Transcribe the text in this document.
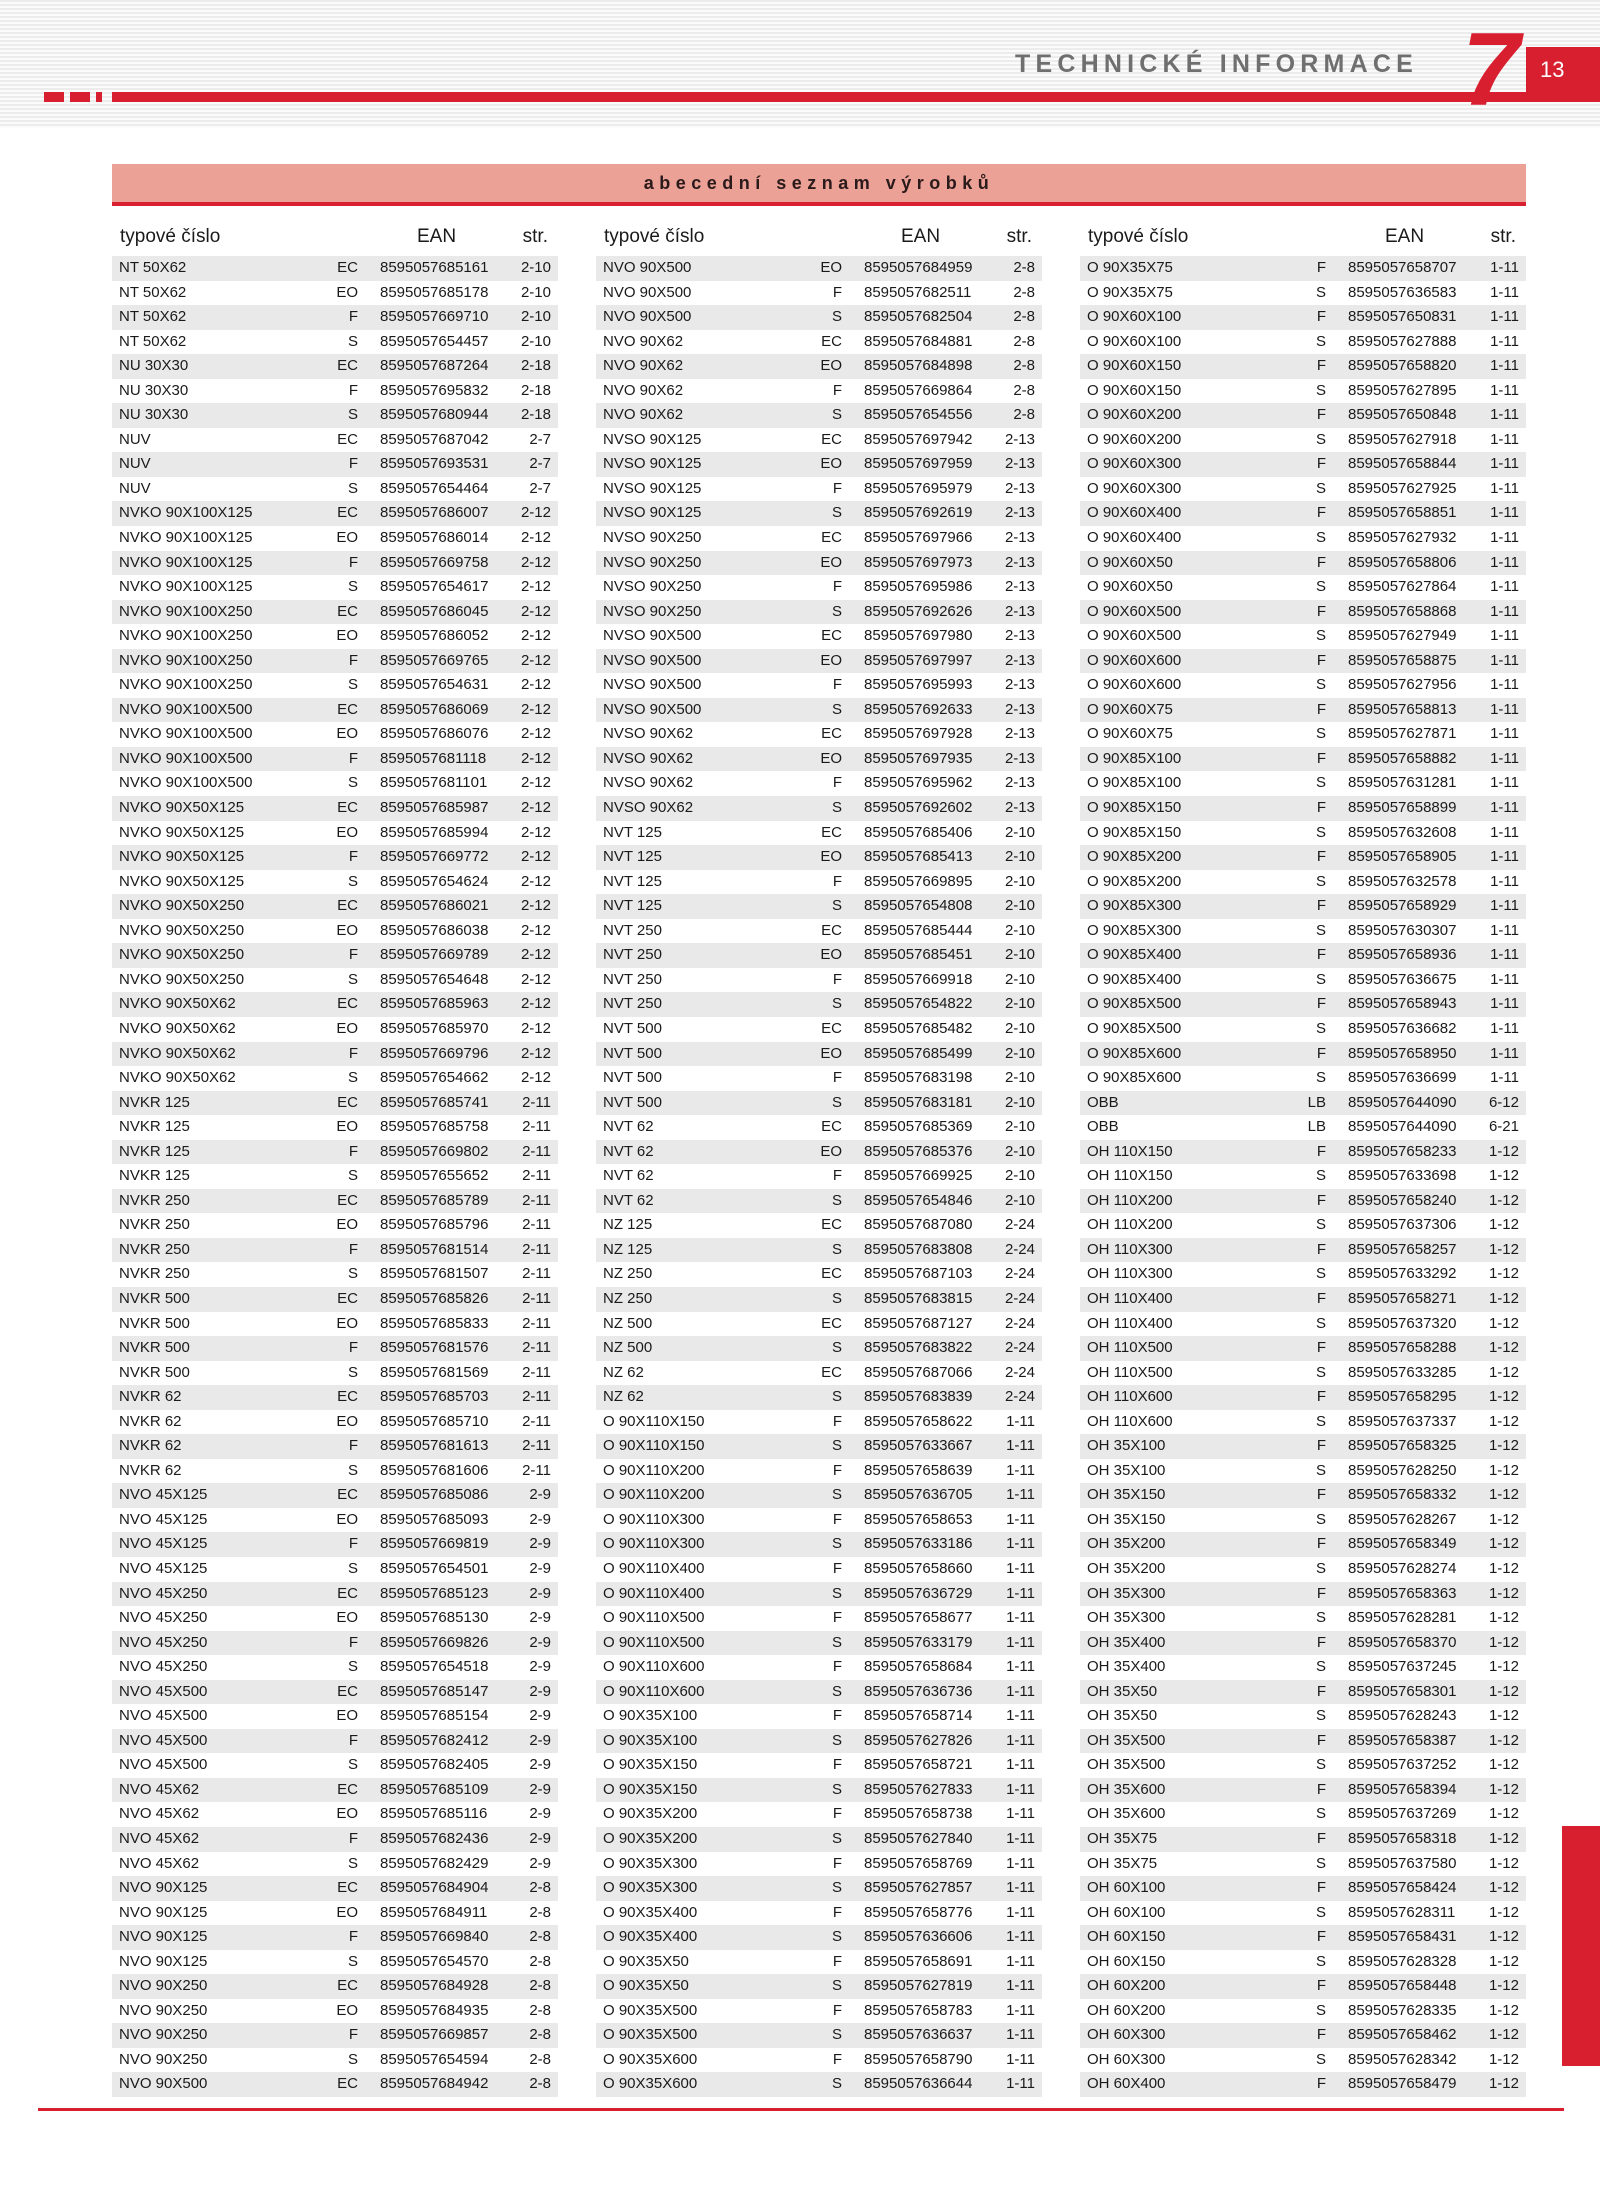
TECHNICKÉ INFORMACE 7 13
abecední seznam výrobků
typové číslo	EAN	str.
NT 50X62	EC 8595057685161 2-10
NT 50X62	EO 8595057685178 2-10
NT 50X62	F 8595057669710 2-10
NT 50X62	S 8595057654457 2-10
NU 30X30	EC 8595057687264 2-18
NU 30X30	F 8595057695832 2-18
NU 30X30	S 8595057680944 2-18
NUV	EC 8595057687042	2-7
NUV	F 8595057693531	2-7
NUV	S 8595057654464	2-7
NVKO 90X100X125	EC 8595057686007 2-12
NVKO 90X100X125	EO 8595057686014 2-12
NVKO 90X100X125	F 8595057669758 2-12
NVKO 90X100X125	S 8595057654617 2-12
NVKO 90X100X250	EC 8595057686045 2-12
NVKO 90X100X250	EO 8595057686052 2-12
NVKO 90X100X250	F 8595057669765 2-12
NVKO 90X100X250	S 8595057654631 2-12
NVKO 90X100X500	EC 8595057686069 2-12
NVKO 90X100X500	EO 8595057686076 2-12
NVKO 90X100X500	F 8595057681118 2-12
NVKO 90X100X500	S 8595057681101 2-12
NVKO 90X50X125	EC 8595057685987 2-12
NVKO 90X50X125	EO 8595057685994 2-12
NVKO 90X50X125	F 8595057669772 2-12
NVKO 90X50X125	S 8595057654624 2-12
NVKO 90X50X250	EC 8595057686021 2-12
NVKO 90X50X250	EO 8595057686038 2-12
NVKO 90X50X250	F 8595057669789 2-12
NVKO 90X50X250	S 8595057654648 2-12
NVKO 90X50X62	EC 8595057685963 2-12
NVKO 90X50X62	EO 8595057685970 2-12
NVKO 90X50X62	F 8595057669796 2-12
NVKO 90X50X62	S 8595057654662 2-12
NVKR 125	EC 8595057685741 2-11
NVKR 125	EO 8595057685758 2-11
NVKR 125	F 8595057669802 2-11
NVKR 125	S 8595057655652 2-11
NVKR 250	EC 8595057685789 2-11
NVKR 250	EO 8595057685796 2-11
NVKR 250	F 8595057681514 2-11
NVKR 250	S 8595057681507 2-11
NVKR 500	EC 8595057685826 2-11
NVKR 500	EO 8595057685833 2-11
NVKR 500	F 8595057681576 2-11
NVKR 500	S 8595057681569 2-11
NVKR 62	EC 8595057685703 2-11
NVKR 62	EO 8595057685710 2-11
NVKR 62	F 8595057681613 2-11
NVKR 62	S 8595057681606 2-11
NVO 45X125	EC 8595057685086	2-9
NVO 45X125	EO 8595057685093	2-9
NVO 45X125	F 8595057669819	2-9
NVO 45X125	S 8595057654501	2-9
NVO 45X250	EC 8595057685123	2-9
NVO 45X250	EO 8595057685130	2-9
NVO 45X250	F 8595057669826	2-9
NVO 45X250	S 8595057654518	2-9
NVO 45X500	EC 8595057685147	2-9
NVO 45X500	EO 8595057685154	2-9
NVO 45X500	F 8595057682412	2-9
NVO 45X500	S 8595057682405	2-9
NVO 45X62	EC 8595057685109	2-9
NVO 45X62	EO 8595057685116	2-9
NVO 45X62	F 8595057682436	2-9
NVO 45X62	S 8595057682429	2-9
NVO 90X125	EC 8595057684904	2-8
NVO 90X125	EO 8595057684911	2-8
NVO 90X125	F 8595057669840	2-8
NVO 90X125	S 8595057654570	2-8
NVO 90X250	EC 8595057684928	2-8
NVO 90X250	EO 8595057684935	2-8
NVO 90X250	F 8595057669857	2-8
NVO 90X250	S 8595057654594	2-8
NVO 90X500	EC 8595057684942	2-8
typové číslo	EAN	str.
NVO 90X500	EO 8595057684959	2-8
NVO 90X500	F 8595057682511	2-8
NVO 90X500	S 8595057682504	2-8
NVO 90X62	EC 8595057684881	2-8
NVO 90X62	EO 8595057684898	2-8
NVO 90X62	F 8595057669864	2-8
NVO 90X62	S 8595057654556	2-8
NVSO 90X125	EC 8595057697942 2-13
NVSO 90X125	EO 8595057697959 2-13
NVSO 90X125	F 8595057695979 2-13
NVSO 90X125	S 8595057692619 2-13
NVSO 90X250	EC 8595057697966 2-13
NVSO 90X250	EO 8595057697973 2-13
NVSO 90X250	F 8595057695986 2-13
NVSO 90X250	S 8595057692626 2-13
NVSO 90X500	EC 8595057697980 2-13
NVSO 90X500	EO 8595057697997 2-13
NVSO 90X500	F 8595057695993 2-13
NVSO 90X500	S 8595057692633 2-13
NVSO 90X62	EC 8595057697928 2-13
NVSO 90X62	EO 8595057697935 2-13
NVSO 90X62	F 8595057695962 2-13
NVSO 90X62	S 8595057692602 2-13
NVT 125	EC 8595057685406 2-10
NVT 125	EO 8595057685413 2-10
NVT 125	F 8595057669895 2-10
NVT 125	S 8595057654808 2-10
NVT 250	EC 8595057685444 2-10
NVT 250	EO 8595057685451 2-10
NVT 250	F 8595057669918 2-10
NVT 250	S 8595057654822 2-10
NVT 500	EC 8595057685482 2-10
NVT 500	EO 8595057685499 2-10
NVT 500	F 8595057683198 2-10
NVT 500	S 8595057683181 2-10
NVT 62	EC 8595057685369 2-10
NVT 62	EO 8595057685376 2-10
NVT 62	F 8595057669925 2-10
NVT 62	S 8595057654846 2-10
NZ 125	EC 8595057687080 2-24
NZ 125	S 8595057683808 2-24
NZ 250	EC 8595057687103 2-24
NZ 250	S 8595057683815 2-24
NZ 500	EC 8595057687127 2-24
NZ 500	S 8595057683822 2-24
NZ 62	EC 8595057687066 2-24
NZ 62	S 8595057683839 2-24
O 90X110X150	F 8595057658622 1-11
O 90X110X150	S 8595057633667 1-11
O 90X110X200	F 8595057658639 1-11
O 90X110X200	S 8595057636705 1-11
O 90X110X300	F 8595057658653 1-11
O 90X110X300	S 8595057633186 1-11
O 90X110X400	F 8595057658660 1-11
O 90X110X400	S 8595057636729 1-11
O 90X110X500	F 8595057658677 1-11
O 90X110X500	S 8595057633179 1-11
O 90X110X600	F 8595057658684 1-11
O 90X110X600	S 8595057636736 1-11
O 90X35X100	F 8595057658714 1-11
O 90X35X100	S 8595057627826 1-11
O 90X35X150	F 8595057658721 1-11
O 90X35X150	S 8595057627833 1-11
O 90X35X200	F 8595057658738 1-11
O 90X35X200	S 8595057627840 1-11
O 90X35X300	F 8595057658769 1-11
O 90X35X300	S 8595057627857 1-11
O 90X35X400	F 8595057658776 1-11
O 90X35X400	S 8595057636606 1-11
O 90X35X50	F 8595057658691 1-11
O 90X35X50	S 8595057627819 1-11
O 90X35X500	F 8595057658783 1-11
O 90X35X500	S 8595057636637 1-11
O 90X35X600	F 8595057658790 1-11
O 90X35X600	S 8595057636644 1-11
typové číslo	EAN	str.
O 90X35X75	F 8595057658707 1-11
O 90X35X75	S 8595057636583 1-11
O 90X60X100	F 8595057650831 1-11
O 90X60X100	S 8595057627888 1-11
O 90X60X150	F 8595057658820 1-11
O 90X60X150	S 8595057627895 1-11
O 90X60X200	F 8595057650848 1-11
O 90X60X200	S 8595057627918 1-11
O 90X60X300	F 8595057658844 1-11
O 90X60X300	S 8595057627925 1-11
O 90X60X400	F 8595057658851 1-11
O 90X60X400	S 8595057627932 1-11
O 90X60X50	F 8595057658806 1-11
O 90X60X50	S 8595057627864 1-11
O 90X60X500	F 8595057658868 1-11
O 90X60X500	S 8595057627949 1-11
O 90X60X600	F 8595057658875 1-11
O 90X60X600	S 8595057627956 1-11
O 90X60X75	F 8595057658813 1-11
O 90X60X75	S 8595057627871 1-11
O 90X85X100	F 8595057658882 1-11
O 90X85X100	S 8595057631281 1-11
O 90X85X150	F 8595057658899 1-11
O 90X85X150	S 8595057632608 1-11
O 90X85X200	F 8595057658905 1-11
O 90X85X200	S 8595057632578 1-11
O 90X85X300	F 8595057658929 1-11
O 90X85X300	S 8595057630307 1-11
O 90X85X400	F 8595057658936 1-11
O 90X85X400	S 8595057636675 1-11
O 90X85X500	F 8595057658943 1-11
O 90X85X500	S 8595057636682 1-11
O 90X85X600	F 8595057658950 1-11
O 90X85X600	S 8595057636699 1-11
OBB	LB 8595057644090 6-12
OBB	LB 8595057644090 6-21
OH 110X150	F 8595057658233 1-12
OH 110X150	S 8595057633698 1-12
OH 110X200	F 8595057658240 1-12
OH 110X200	S 8595057637306 1-12
OH 110X300	F 8595057658257 1-12
OH 110X300	S 8595057633292 1-12
OH 110X400	F 8595057658271 1-12
OH 110X400	S 8595057637320 1-12
OH 110X500	F 8595057658288 1-12
OH 110X500	S 8595057633285 1-12
OH 110X600	F 8595057658295 1-12
OH 110X600	S 8595057637337 1-12
OH 35X100	F 8595057658325 1-12
OH 35X100	S 8595057628250 1-12
OH 35X150	F 8595057658332 1-12
OH 35X150	S 8595057628267 1-12
OH 35X200	F 8595057658349 1-12
OH 35X200	S 8595057628274 1-12
OH 35X300	F 8595057658363 1-12
OH 35X300	S 8595057628281 1-12
OH 35X400	F 8595057658370 1-12
OH 35X400	S 8595057637245 1-12
OH 35X50	F 8595057658301 1-12
OH 35X50	S 8595057628243 1-12
OH 35X500	F 8595057658387 1-12
OH 35X500	S 8595057637252 1-12
OH 35X600	F 8595057658394 1-12
OH 35X600	S 8595057637269 1-12
OH 35X75	F 8595057658318 1-12
OH 35X75	S 8595057637580 1-12
OH 60X100	F 8595057658424 1-12
OH 60X100	S 8595057628311 1-12
OH 60X150	F 8595057658431 1-12
OH 60X150	S 8595057628328 1-12
OH 60X200	F 8595057658448 1-12
OH 60X200	S 8595057628335 1-12
OH 60X300	F 8595057658462 1-12
OH 60X300	S 8595057628342 1-12
OH 60X400	F 8595057658479 1-12
